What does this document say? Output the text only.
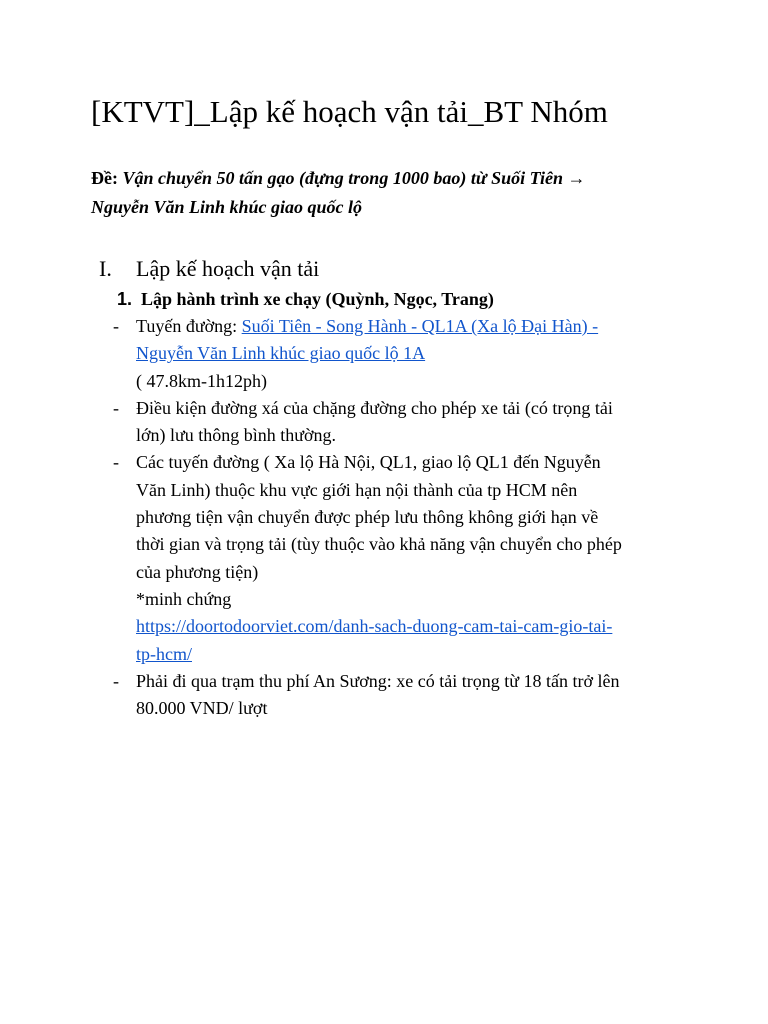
[KTVT]_Lập kế hoạch vận tải_BT Nhóm

Đề: Vận chuyển 50 tấn gạo (đựng trong 1000 bao) từ Suối Tiên →
Nguyễn Văn Linh khúc giao quốc lộ

I. Lập kế hoạch vận tải
1. Lập hành trình xe chạy (Quỳnh, Ngọc, Trang)
- Tuyến đường: Suối Tiên - Song Hành - QL1A (Xa lộ Đại Hàn) -
Nguyễn Văn Linh khúc giao quốc lộ 1A
( 47.8km-1h12ph)
- Điều kiện đường xá của chặng đường cho phép xe tải (có trọng tải
lớn) lưu thông bình thường.
- Các tuyến đường ( Xa lộ Hà Nội, QL1, giao lộ QL1 đến Nguyễn
Văn Linh) thuộc khu vực giới hạn nội thành của tp HCM nên
phương tiện vận chuyển được phép lưu thông không giới hạn về
thời gian và trọng tải (tùy thuộc vào khả năng vận chuyển cho phép
của phương tiện)
*minh chứng
https://doortodoorviet.com/danh-sach-duong-cam-tai-cam-gio-tai-
tp-hcm/
- Phải đi qua trạm thu phí An Sương: xe có tải trọng từ 18 tấn trở lên
80.000 VND/ lượt
